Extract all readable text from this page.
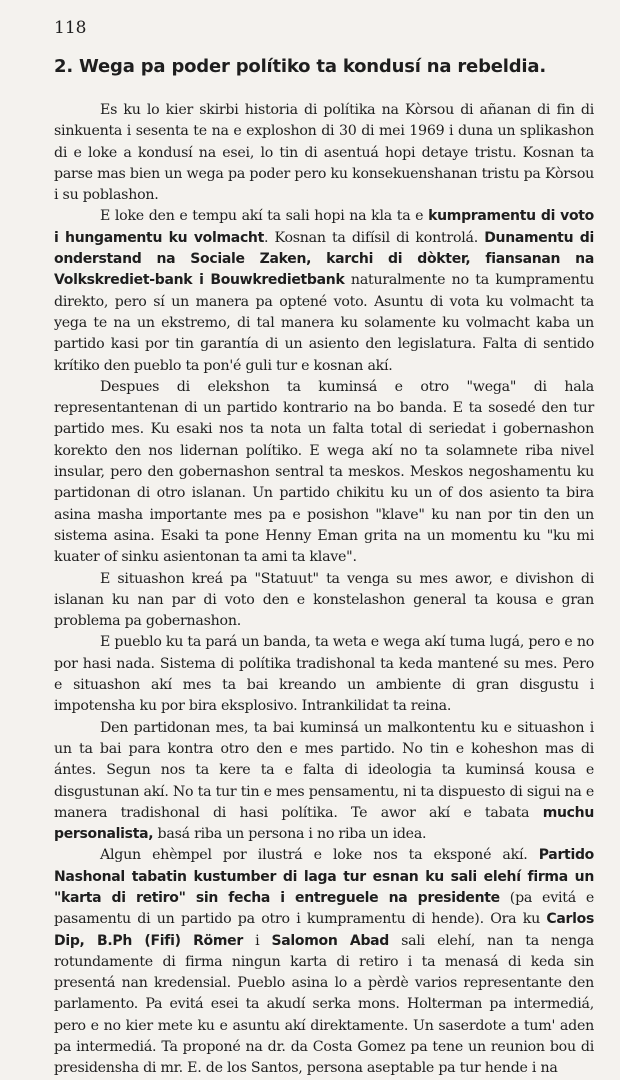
118
2. Wega pa poder polítiko ta kondusí na rebeldia.

Es ku lo kier skirbi historia di polítika na Kòrsou di añanan di fin di sinkuenta i sesenta te na e exploshon di 30 di mei 1969 i duna un splikashon di e loke a kondusí na esei, lo tin di asentuá hopi detaye tristu. Kosnan ta parse mas bien un wega pa poder pero ku konsekuenshanan tristu pa Kòrsou i su poblashon.

E loke den e tempu akí ta sali hopi na kla ta e kumpramentu di voto i hungamentu ku volmacht. Kosnan ta difísil di kontrolá. Dunamentu di onderstand na Sociale Zaken, karchi di dòkter, fiansanan na Volkskrediet-bank i Bouwkredietbank naturalmente no ta kumpramentu direkto, pero sí un manera pa optené voto. Asuntu di vota ku volmacht ta yega te na un ekstremo, di tal manera ku solamente ku volmacht kaba un partido kasi por tin garantía di un asiento den legislatura. Falta di sentido krítiko den pueblo ta pon'é guli tur e kosnan akí.

Despues di elekshon ta kuminsá e otro "wega" di hala representantenan di un partido kontrario na bo banda. E ta sosedé den tur partido mes. Ku esaki nos ta nota un falta total di seriedat i gobernashon korekto den nos lidernan polítiko. E wega akí no ta solamnete riba nivel insular, pero den gobernashon sentral ta meskos. Meskos negoshamentu ku partidonan di otro islanan. Un partido chikitu ku un of dos asiento ta bira asina masha importante mes pa e posishon "klave" ku nan por tin den un sistema asina. Esaki ta pone Henny Eman grita na un momentu ku "ku mi kuater of sinku asientonan ta ami ta klave".

E situashon kreá pa "Statuut" ta venga su mes awor, e divishon di islanan ku nan par di voto den e konstelashon general ta kousa e gran problema pa gobernashon.

E pueblo ku ta pará un banda, ta weta e wega akí tuma lugá, pero e no por hasi nada. Sistema di polítika tradishonal ta keda mantené su mes. Pero e situashon akí mes ta bai kreando un ambiente di gran disgustu i impotensha ku por bira eksplosivo. Intrankilidat ta reina.

Den partidonan mes, ta bai kuminsá un malkontentu ku e situashon i un ta bai para kontra otro den e mes partido. No tin e koheshon mas di ántes. Segun nos ta kere ta e falta di ideologia ta kuminsá kousa e disgustunan akí. No ta tur tin e mes pensamentu, ni ta dispuesto di sigui na e manera tradishonal di hasi polítika. Te awor akí e tabata muchu personalista, basá riba un persona i no riba un idea.

Algun ehèmpel por ilustrá e loke nos ta eksponé akí. Partido Nashonal tabatin kustumber di laga tur esnan ku sali elehí firma un "karta di retiro" sin fecha i entreguele na presidente (pa evitá e pasamentu di un partido pa otro i kumpramentu di hende). Ora ku Carlos Dip, B.Ph (Fifi) Römer i Salomon Abad sali elehí, nan ta nenga rotundamente di firma ningun karta di retiro i ta menasá di keda sin presentá nan kredensial. Pueblo asina lo a pèrdè varios representante den parlamento. Pa evitá esei ta akudí serka mons. Holterman pa intermediá, pero e no kier mete ku e asuntu akí direktamente. Un saserdote a tum' aden pa intermediá. Ta proponé na dr. da Costa Gomez pa tene un reunion bou di presidensha di mr. E. de los Santos, persona aseptable pa tur hende i na
